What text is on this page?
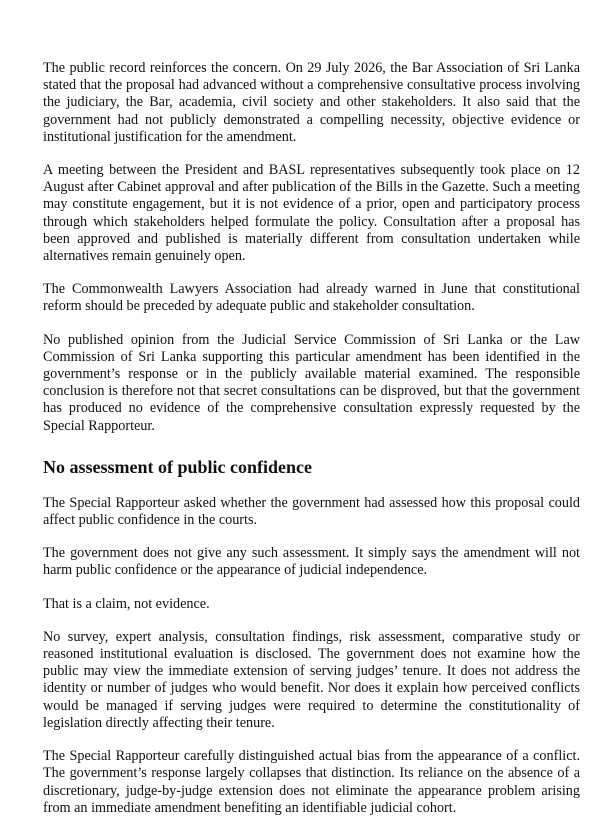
The public record reinforces the concern. On 29 July 2026, the Bar Association of Sri Lanka stated that the proposal had advanced without a comprehensive consultative process involving the judiciary, the Bar, academia, civil society and other stakeholders. It also said that the government had not publicly demonstrated a compelling necessity, objective evidence or institutional justification for the amendment.

A meeting between the President and BASL representatives subsequently took place on 12 August after Cabinet approval and after publication of the Bills in the Gazette. Such a meeting may constitute engagement, but it is not evidence of a prior, open and participatory process through which stakeholders helped formulate the policy. Consultation after a proposal has been approved and published is materially different from consultation undertaken while alternatives remain genuinely open.

The Commonwealth Lawyers Association had already warned in June that constitutional reform should be preceded by adequate public and stakeholder consultation.

No published opinion from the Judicial Service Commission of Sri Lanka or the Law Commission of Sri Lanka supporting this particular amendment has been identified in the government’s response or in the publicly available material examined. The responsible conclusion is therefore not that secret consultations can be disproved, but that the government has produced no evidence of the comprehensive consultation expressly requested by the Special Rapporteur.

No assessment of public confidence

The Special Rapporteur asked whether the government had assessed how this proposal could affect public confidence in the courts.

The government does not give any such assessment. It simply says the amendment will not harm public confidence or the appearance of judicial independence.

That is a claim, not evidence.

No survey, expert analysis, consultation findings, risk assessment, comparative study or reasoned institutional evaluation is disclosed. The government does not examine how the public may view the immediate extension of serving judges’ tenure. It does not address the identity or number of judges who would benefit. Nor does it explain how perceived conflicts would be managed if serving judges were required to determine the constitutionality of legislation directly affecting their tenure.

The Special Rapporteur carefully distinguished actual bias from the appearance of a conflict. The government’s response largely collapses that distinction. Its reliance on the absence of a discretionary, judge-by-judge extension does not eliminate the appearance problem arising from an immediate amendment benefiting an identifiable judicial cohort.
